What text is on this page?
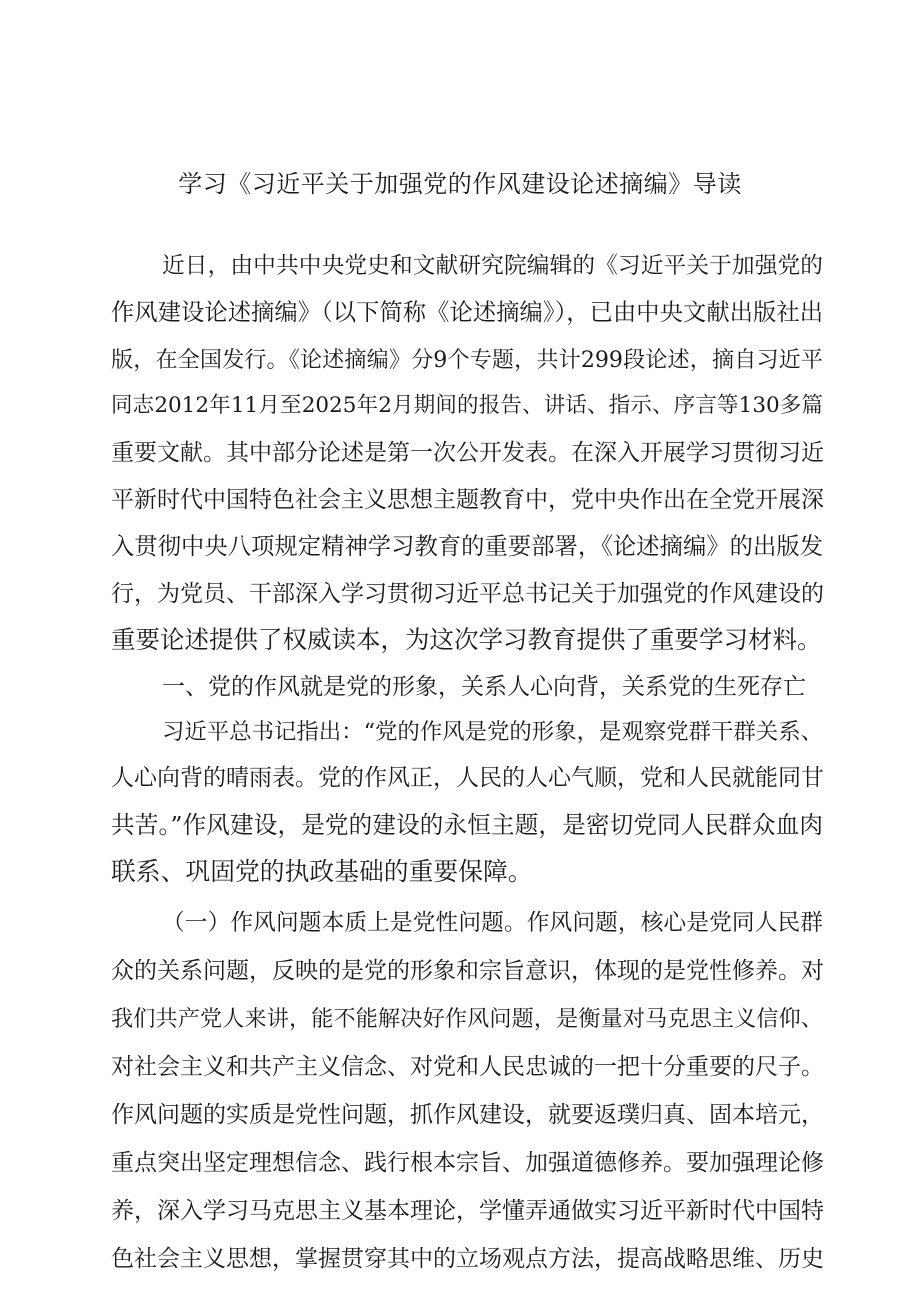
学习《习近平关于加强党的作风建设论述摘编》导读
近日，由中共中央党史和文献研究院编辑的《习近平关于加强党的
作风建设论述摘编》（以下简称《论述摘编》），已由中央文献出版社出
版，在全国发行。《论述摘编》分9个专题，共计299段论述，摘自习近平
同志2012年11月至2025年2月期间的报告、讲话、指示、序言等130多篇
重要文献。其中部分论述是第一次公开发表。在深入开展学习贯彻习近
平新时代中国特色社会主义思想主题教育中，党中央作出在全党开展深
入贯彻中央八项规定精神学习教育的重要部署，《论述摘编》的出版发
行，为党员、干部深入学习贯彻习近平总书记关于加强党的作风建设的
重要论述提供了权威读本，为这次学习教育提供了重要学习材料。
一、党的作风就是党的形象，关系人心向背，关系党的生死存亡
习近平总书记指出：“党的作风是党的形象，是观察党群干群关系、
人心向背的晴雨表。党的作风正，人民的人心气顺，党和人民就能同甘
共苦。”作风建设，是党的建设的永恒主题，是密切党同人民群众血肉
联系、巩固党的执政基础的重要保障。
（一）作风问题本质上是党性问题。作风问题，核心是党同人民群
众的关系问题，反映的是党的形象和宗旨意识，体现的是党性修养。对
我们共产党人来讲，能不能解决好作风问题，是衡量对马克思主义信仰、
对社会主义和共产主义信念、对党和人民忠诚的一把十分重要的尺子。
作风问题的实质是党性问题，抓作风建设，就要返璞归真、固本培元，
重点突出坚定理想信念、践行根本宗旨、加强道德修养。要加强理论修
养，深入学习马克思主义基本理论，学懂弄通做实习近平新时代中国特
色社会主义思想，掌握贯穿其中的立场观点方法，提高战略思维、历史
